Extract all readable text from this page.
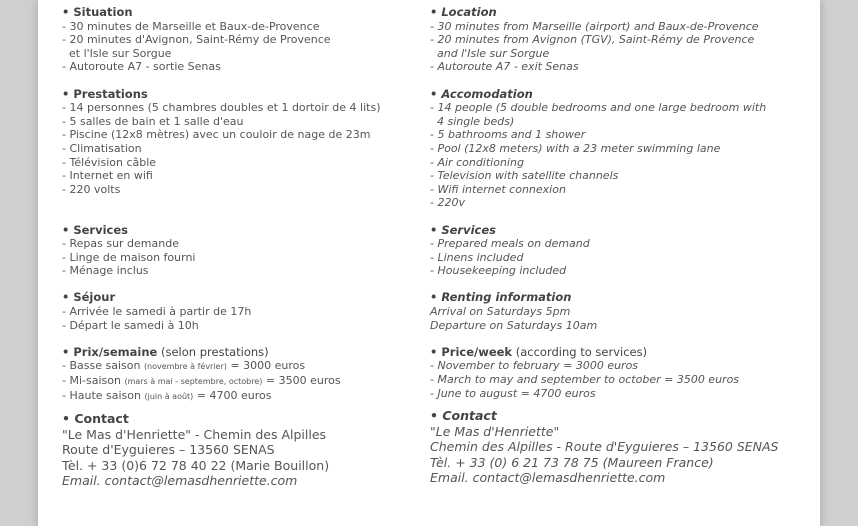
• Situation
- 30 minutes de Marseille et Baux-de-Provence
- 20 minutes d'Avignon, Saint-Rémy de Provence
et l'Isle sur Sorgue
- Autoroute A7 - sortie Senas
• Prestations
- 14 personnes (5 chambres doubles et 1 dortoir de 4 lits)
- 5 salles de bain et 1 salle d'eau
- Piscine (12x8 mètres) avec un couloir de nage de 23m
- Climatisation
- Télévision câble
- Internet en wifi
- 220 volts
• Services
- Repas sur demande
- Linge de maison fourni
- Ménage inclus
• Séjour
- Arrivée le samedi à partir de 17h
- Départ le samedi à 10h
• Prix/semaine (selon prestations)
- Basse saison (novembre à février) = 3000 euros
- Mi-saison (mars à mai - septembre, octobre) = 3500 euros
- Haute saison (juin à août) = 4700 euros
• Contact
"Le Mas d'Henriette" - Chemin des Alpilles
Route d'Eyguieres – 13560 SENAS
Tèl. + 33 (0)6 72 78 40 22 (Marie Bouillon)
Email. contact@lemasdhenriette.com
• Location
- 30 minutes from Marseille (airport) and Baux-de-Provence
- 20 minutes from Avignon (TGV), Saint-Rémy de Provence
and l'Isle sur Sorgue
- Autoroute A7 - exit Senas
• Accomodation
- 14 people (5 double bedrooms and one large bedroom with
4 single beds)
- 5 bathrooms and 1 shower
- Pool (12x8 meters) with a 23 meter swimming lane
- Air conditioning
- Television with satellite channels
- Wifi internet connexion
- 220v
• Services
- Prepared meals on demand
- Linens included
- Housekeeping included
• Renting information
Arrival on Saturdays 5pm
Departure on Saturdays 10am
• Price/week (according to services)
- November to february = 3000 euros
- March to may and september to october = 3500 euros
- June to august = 4700 euros
• Contact
"Le Mas d'Henriette"
Chemin des Alpilles - Route d'Eyguieres – 13560 SENAS
Tèl. + 33 (0) 6 21 73 78 75 (Maureen France)
Email. contact@lemasdhenriette.com
